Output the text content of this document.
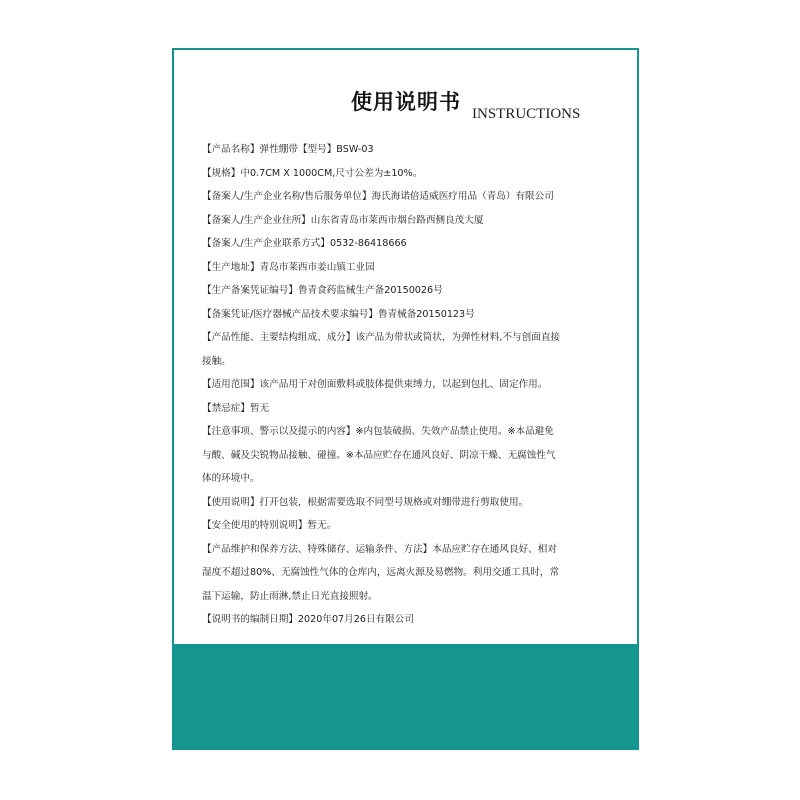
使用说明书 INSTRUCTIONS
【产品名称】弹性绷带【型号】BSW-03
【规格】中0.7CM X 1000CM,尺寸公差为±10%。
【备案人/生产企业名称/售后服务单位】海氏海诺倍适威医疗用品（青岛）有限公司
【备案人/生产企业住所】山东省青岛市莱西市烟台路西侧良茂大厦
【备案人/生产企业联系方式】0532-86418666
【生产地址】青岛市莱西市姜山镇工业园
【生产备案凭证编号】鲁青食药监械生产备20150026号
【备案凭证/医疗器械产品技术要求编号】鲁青械备20150123号
【产品性能、主要结构组成、成分】该产品为带状或筒状，为弹性材料,不与创面直接
接触。
【适用范围】该产品用于对创面敷料或肢体提供束缚力，以起到包扎、固定作用。
【禁忌症】暂无
【注意事项、警示以及提示的内容】※内包装破损、失效产品禁止使用。※本品避免
与酸、碱及尖锐物品接触、碰撞。※本品应贮存在通风良好、阴凉干燥、无腐蚀性气
体的环境中。
【使用说明】打开包装，根据需要选取不同型号规格或对绷带进行剪取使用。
【安全使用的特别说明】暂无。
【产品维护和保养方法、特殊储存、运输条件、方法】本品应贮存在通风良好、相对
湿度不超过80%、无腐蚀性气体的仓库内，远离火源及易燃物。利用交通工具时，常
温下运输，防止雨淋,禁止日光直接照射。
【说明书的编制日期】2020年07月26日有限公司
